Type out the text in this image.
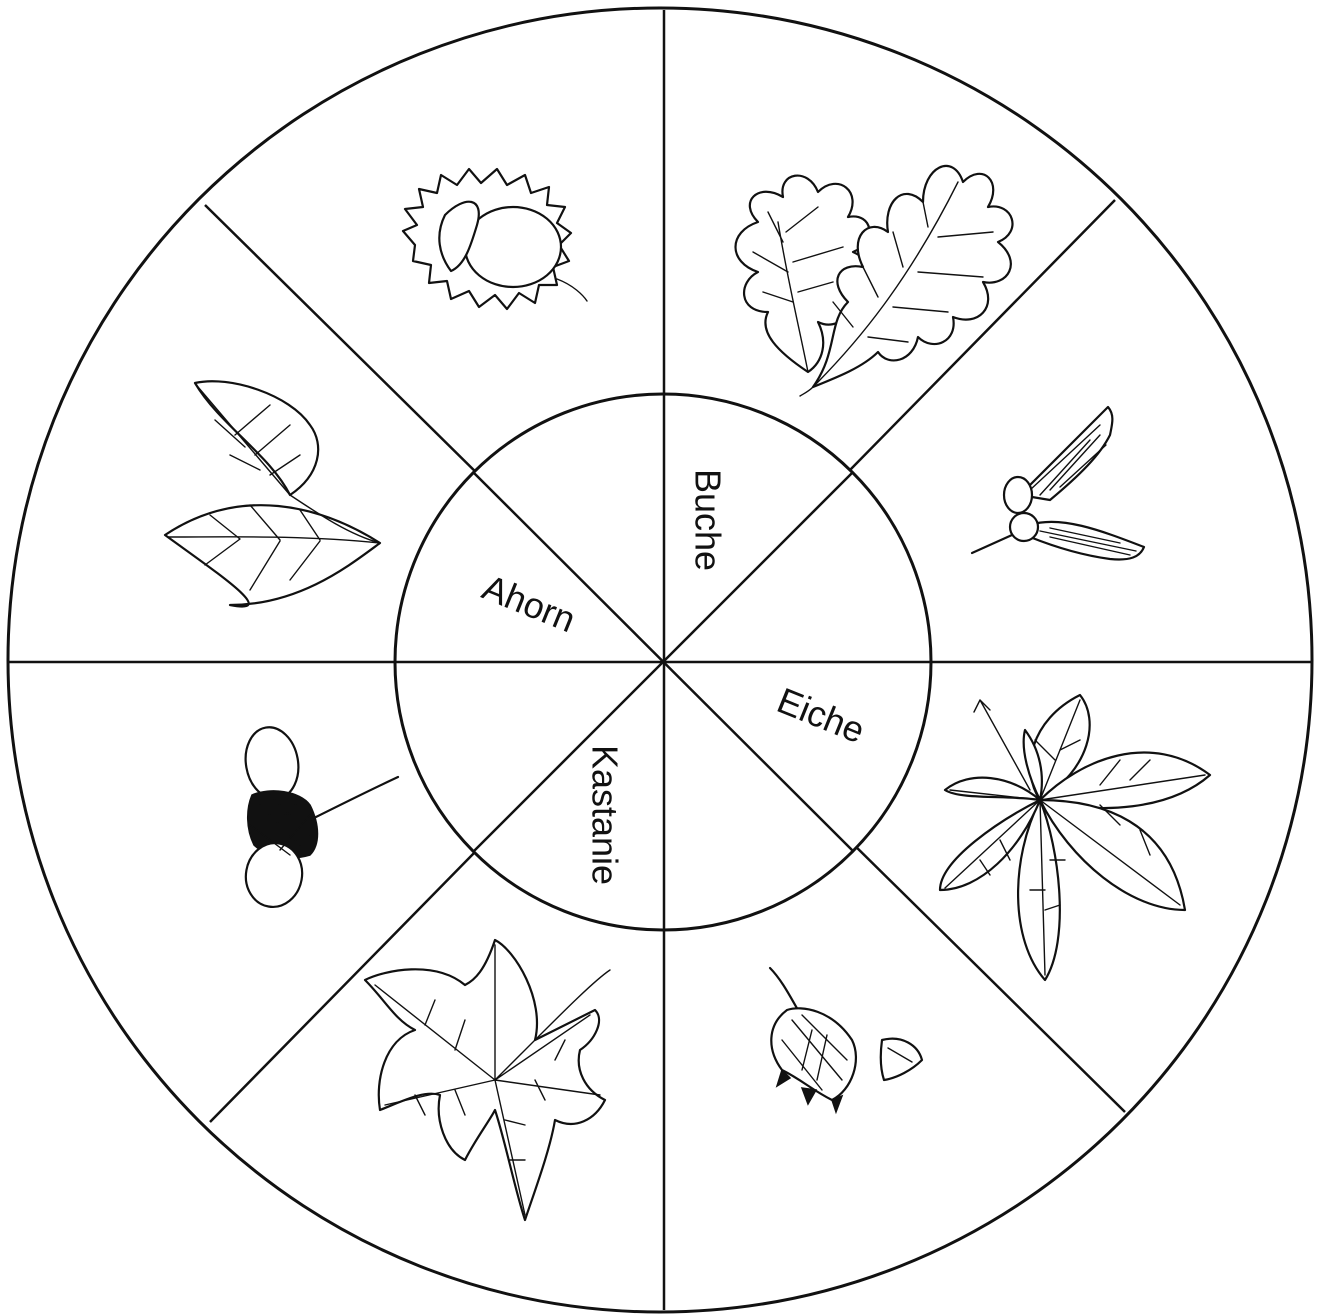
Buche
Eiche
Kastanie
Ahorn
